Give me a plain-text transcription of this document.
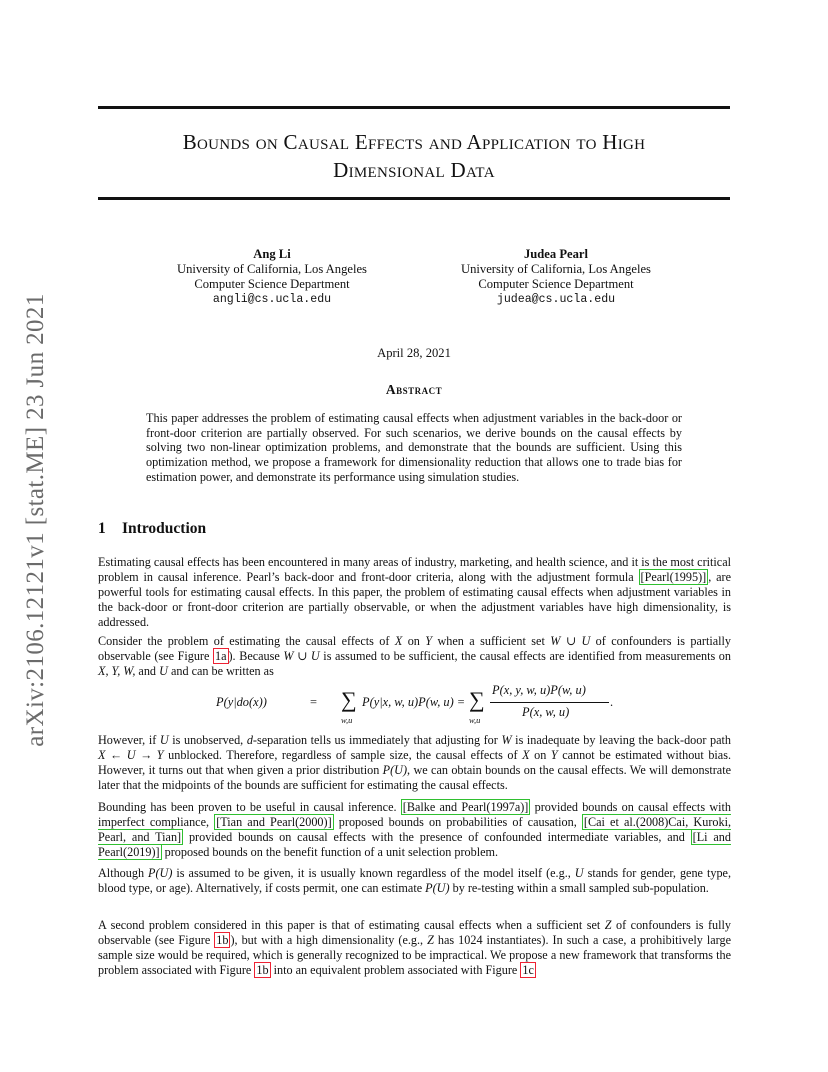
arXiv:2106.12121v1 [stat.ME] 23 Jun 2021
Bounds on Causal Effects and Application to High
Dimensional Data
Ang Li
University of California, Los Angeles
Computer Science Department
angli@cs.ucla.edu
Judea Pearl
University of California, Los Angeles
Computer Science Department
judea@cs.ucla.edu
April 28, 2021
Abstract
This paper addresses the problem of estimating causal effects when adjustment variables in the back-door or front-door criterion are partially observed. For such scenarios, we derive bounds on the causal effects by solving two non-linear optimization problems, and demonstrate that the bounds are sufficient. Using this optimization method, we propose a framework for dimensionality reduction that allows one to trade bias for estimation power, and demonstrate its performance using simulation studies.
1 Introduction
Estimating causal effects has been encountered in many areas of industry, marketing, and health science, and it is the most critical problem in causal inference. Pearl’s back-door and front-door criteria, along with the adjustment formula [Pearl(1995)] , are powerful tools for estimating causal effects. In this paper, the problem of estimating causal effects when adjustment variables in the back-door or front-door criterion are partially observable, or when the adjustment variables have high dimensionality, is addressed.
Consider the problem of estimating the causal effects of X on Y when a sufficient set W ∪ U of confounders is partially observable (see Figure 1a ). Because W ∪ U is assumed to be sufficient, the causal effects are identified from measurements on X, Y, W, and U and can be written as
P(y|do(x))	= ∑
w,u
P(y|x, w, u)P(w, u) = ∑
w,u
P(x, y, w, u)P(w, u)
P(x, w, u)
.
However, if U is unobserved, d-separation tells us immediately that adjusting for W is inadequate by leaving the back-door path X ← U → Y unblocked. Therefore, regardless of sample size, the causal effects of X on Y cannot be estimated without bias. However, it turns out that when given a prior distribution P(U), we can obtain bounds on the causal effects. We will demonstrate later that the midpoints of the bounds are sufficient for estimating the causal effects.
Bounding has been proven to be useful in causal inference. [Balke and Pearl(1997a)] provided bounds on causal effects with imperfect compliance, [Tian and Pearl(2000)] proposed bounds on probabilities of causation, [Cai et al.(2008)Cai, Kuroki, Pearl, and Tian] provided bounds on causal effects with the presence of confounded intermediate variables, and [Li and Pearl(2019)] proposed bounds on the benefit function of a unit selection problem.
Although P(U) is assumed to be given, it is usually known regardless of the model itself (e.g., U stands for gender, gene type, blood type, or age). Alternatively, if costs permit, one can estimate P(U) by re-testing within a small sampled sub-population.
A second problem considered in this paper is that of estimating causal effects when a sufficient set Z of confounders is fully observable (see Figure 1b ), but with a high dimensionality (e.g., Z has 1024 instantiates). In such a case, a prohibitively large sample size would be required, which is generally recognized to be impractical. We propose a new framework that transforms the problem associated with Figure 1b into an equivalent problem associated with Figure 1c
